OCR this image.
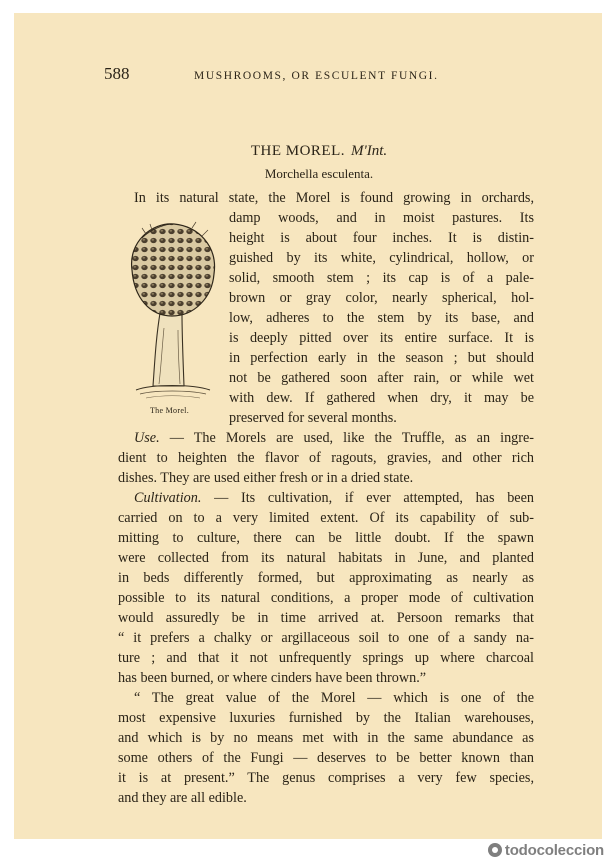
588	MUSHROOMS, OR ESCULENT FUNGI.
THE MOREL. M'Int.
Morchella esculenta.
The Morel.
In its natural state, the Morel is found growing in orchards,
damp woods, and in moist pastures. Its
height is about four inches. It is distin-
guished by its white, cylindrical, hollow, or
solid, smooth stem ; its cap is of a pale-
brown or gray color, nearly spherical, hol-
low, adheres to the stem by its base, and
is deeply pitted over its entire surface. It is
in perfection early in the season ; but should
not be gathered soon after rain, or while wet
with dew. If gathered when dry, it may be
preserved for several months.
Use. — The Morels are used, like the Truffle, as an ingre-
dient to heighten the flavor of ragouts, gravies, and other rich
dishes. They are used either fresh or in a dried state.
Cultivation. — Its cultivation, if ever attempted, has been
carried on to a very limited extent. Of its capability of sub-
mitting to culture, there can be little doubt. If the spawn
were collected from its natural habitats in June, and planted
in beds differently formed, but approximating as nearly as
possible to its natural conditions, a proper mode of cultivation
would assuredly be in time arrived at. Persoon remarks that
“ it prefers a chalky or argillaceous soil to one of a sandy na-
ture ; and that it not unfrequently springs up where charcoal
has been burned, or where cinders have been thrown.”
“ The great value of the Morel — which is one of the
most expensive luxuries furnished by the Italian warehouses,
and which is by no means met with in the same abundance as
some others of the Fungi — deserves to be better known than
it is at present.” The genus comprises a very few species,
and they are all edible.
todocoleccion
